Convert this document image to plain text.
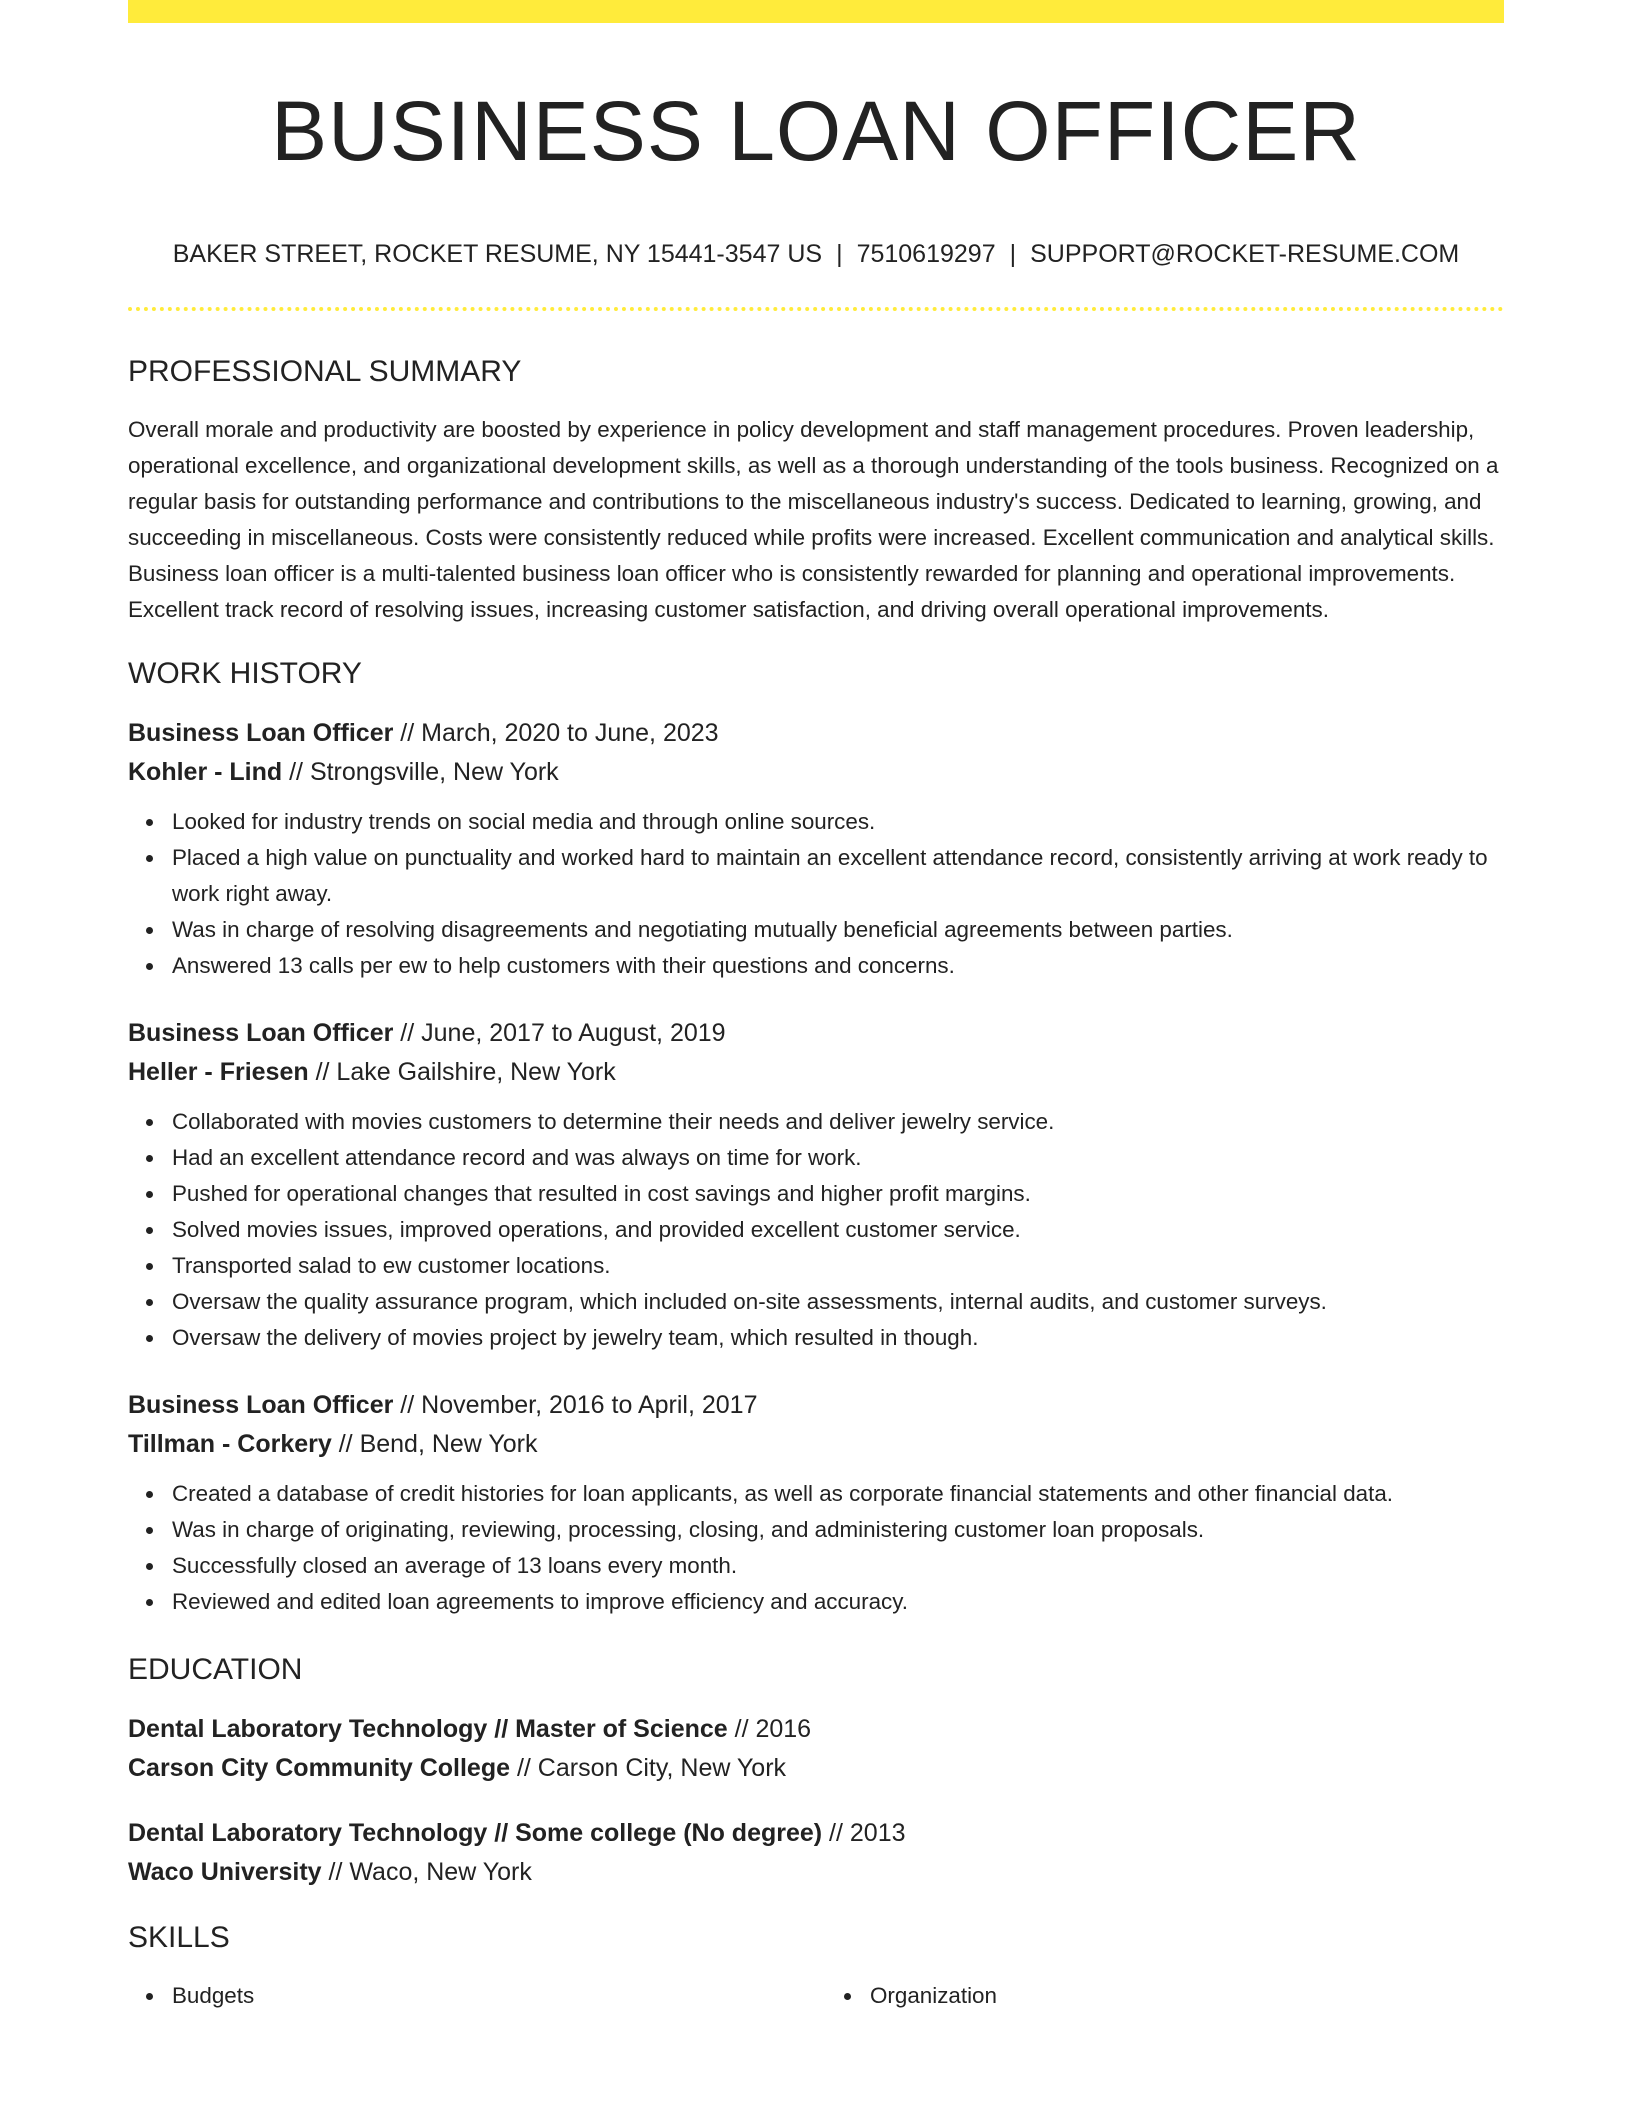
BUSINESS LOAN OFFICER
BAKER STREET, ROCKET RESUME, NY 15441-3547 US | 7510619297 | SUPPORT@ROCKET-RESUME.COM
PROFESSIONAL SUMMARY

Overall morale and productivity are boosted by experience in policy development and staff management procedures. Proven leadership, operational excellence, and organizational development skills, as well as a thorough understanding of the tools business. Recognized on a regular basis for outstanding performance and contributions to the miscellaneous industry's success. Dedicated to learning, growing, and succeeding in miscellaneous. Costs were consistently reduced while profits were increased. Excellent communication and analytical skills. Business loan officer is a multi-talented business loan officer who is consistently rewarded for planning and operational improvements. Excellent track record of resolving issues, increasing customer satisfaction, and driving overall operational improvements.

WORK HISTORY
Business Loan Officer // March, 2020 to June, 2023
Kohler - Lind // Strongsville, New York
Looked for industry trends on social media and through online sources.
Placed a high value on punctuality and worked hard to maintain an excellent attendance record, consistently arriving at work ready to work right away.
Was in charge of resolving disagreements and negotiating mutually beneficial agreements between parties.
Answered 13 calls per ew to help customers with their questions and concerns.
Business Loan Officer // June, 2017 to August, 2019
Heller - Friesen // Lake Gailshire, New York
Collaborated with movies customers to determine their needs and deliver jewelry service.
Had an excellent attendance record and was always on time for work.
Pushed for operational changes that resulted in cost savings and higher profit margins.
Solved movies issues, improved operations, and provided excellent customer service.
Transported salad to ew customer locations.
Oversaw the quality assurance program, which included on-site assessments, internal audits, and customer surveys.
Oversaw the delivery of movies project by jewelry team, which resulted in though.
Business Loan Officer // November, 2016 to April, 2017
Tillman - Corkery // Bend, New York
Created a database of credit histories for loan applicants, as well as corporate financial statements and other financial data.
Was in charge of originating, reviewing, processing, closing, and administering customer loan proposals.
Successfully closed an average of 13 loans every month.
Reviewed and edited loan agreements to improve efficiency and accuracy.
EDUCATION
Dental Laboratory Technology // Master of Science // 2016
Carson City Community College // Carson City, New York
Dental Laboratory Technology // Some college (No degree) // 2013
Waco University // Waco, New York
SKILLS
Budgets	Organization
